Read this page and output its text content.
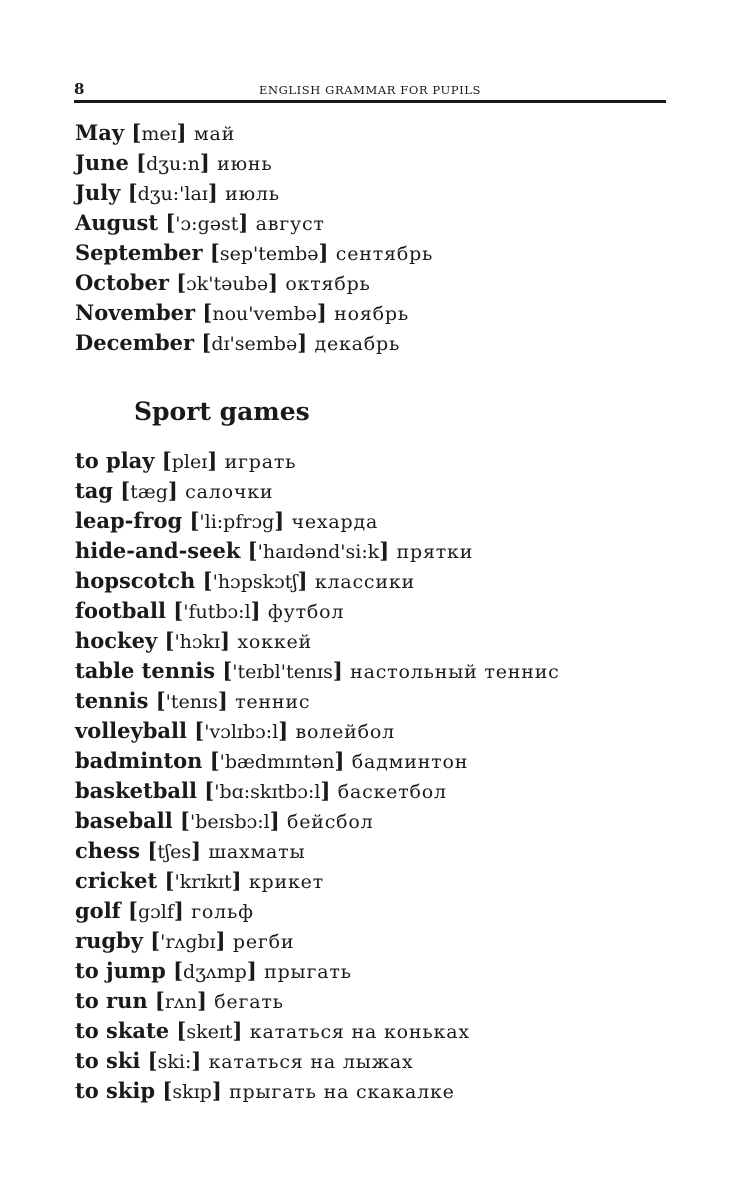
8	ENGLISH GRAMMAR FOR PUPILS
May [meɪ] май
June [dʒu:n] июнь
July [dʒu:'laɪ] июль
August ['ɔ:gəst] август
September [sep'tembə] сентябрь
October [ɔk'təubə] октябрь
November [nou'vembə] ноябрь
December [dɪ'sembə] декабрь
Sport games
to play [pleɪ] играть
tag [tæg] салочки
leap-frog ['li:pfrɔg] чехарда
hide-and-seek ['haɪdənd'si:k] прятки
hopscotch ['hɔpskɔtʃ] классики
football ['futbɔ:l] футбол
hockey ['hɔkɪ] хоккей
table tennis ['teɪbl'tenɪs] настольный теннис
tennis ['tenɪs] теннис
volleyball ['vɔlɪbɔ:l] волейбол
badminton ['bædmɪntən] бадминтон
basketball ['bɑ:skɪtbɔ:l] баскетбол
baseball ['beɪsbɔ:l] бейсбол
chess [tʃes] шахматы
cricket ['krɪkɪt] крикет
golf [gɔlf] гольф
rugby ['rʌgbɪ] регби
to jump [dʒʌmp] прыгать
to run [rʌn] бегать
to skate [skeɪt] кататься на коньках
to ski [ski:] кататься на лыжах
to skip [skɪp] прыгать на скакалке
